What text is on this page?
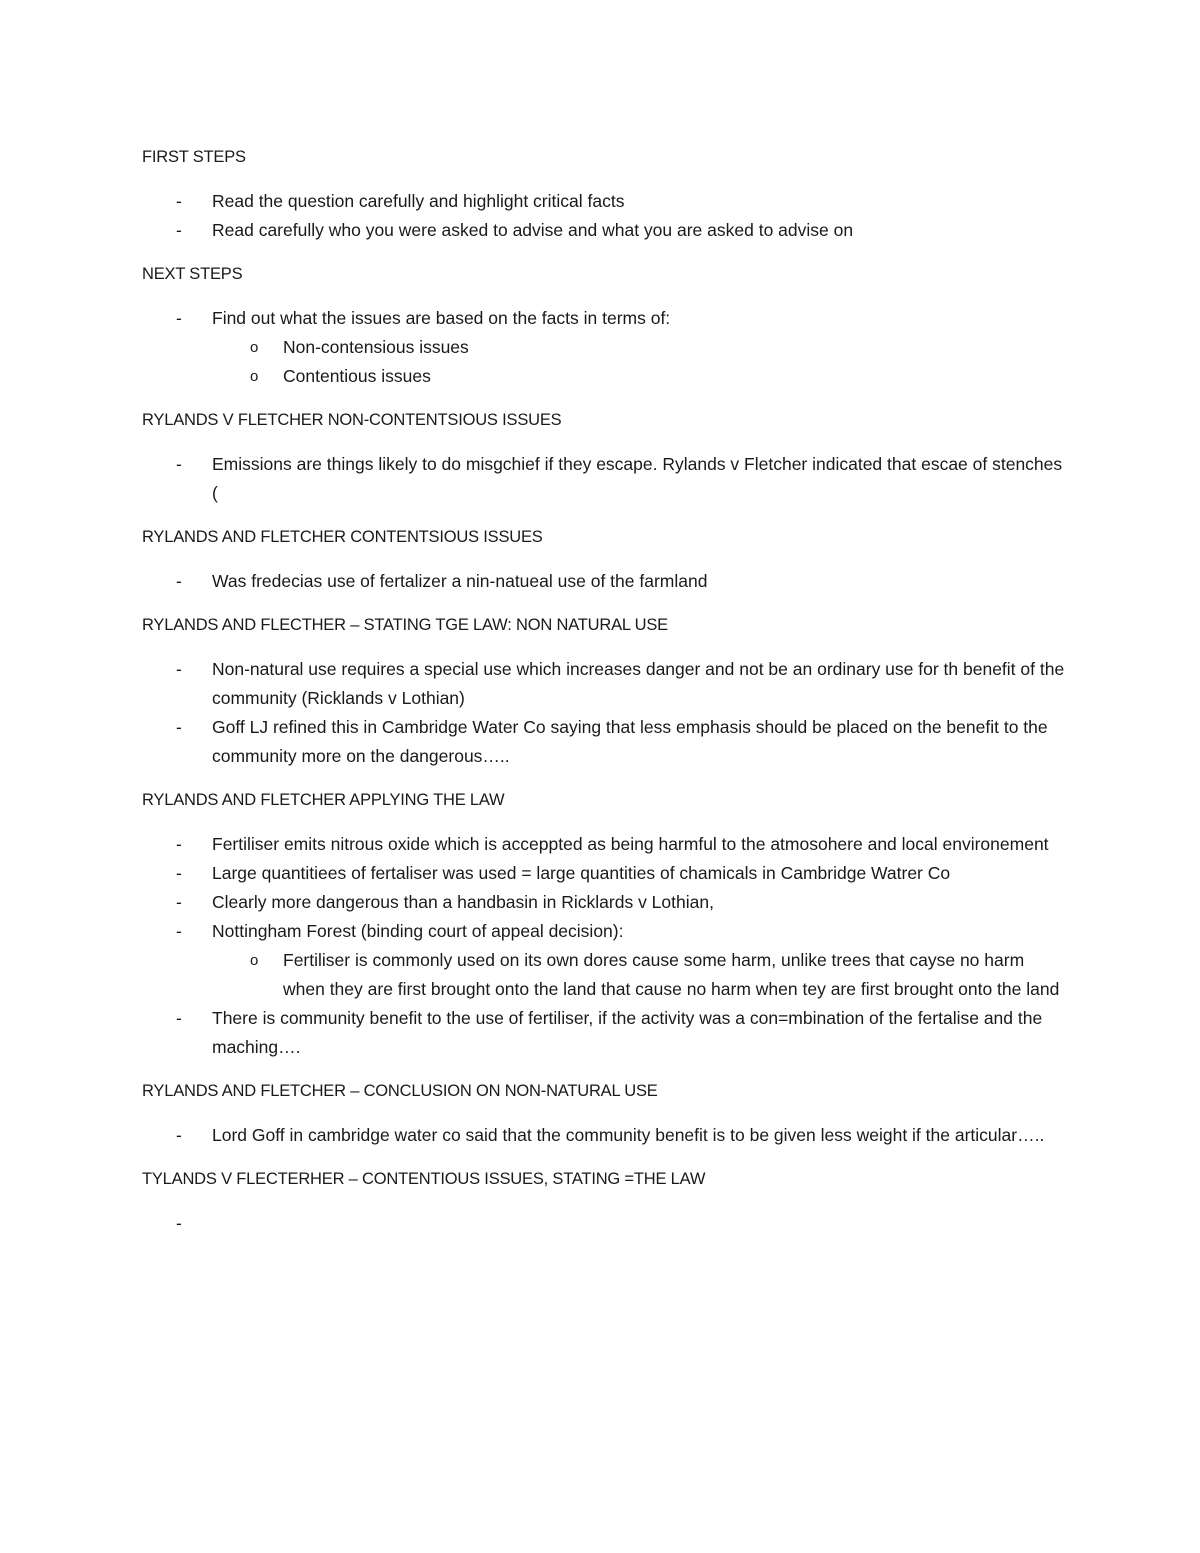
FIRST STEPS
- Read the question carefully and highlight critical facts
- Read carefully who you were asked to advise and what you are asked to advise on
NEXT STEPS
- Find out what the issues are based on the facts in terms of:
o Non-contensious issues
o Contentious issues
RYLANDS V FLETCHER NON-CONTENTSIOUS ISSUES
- Emissions are things likely to do misgchief if they escape. Rylands v Fletcher indicated that escae of stenches (
RYLANDS AND FLETCHER CONTENTSIOUS ISSUES
- Was fredecias use of fertalizer a nin-natueal use of the farmland
RYLANDS AND FLECTHER – STATING TGE LAW: NON NATURAL USE
- Non-natural use requires a special use which increases danger and not be an ordinary use for th benefit of the community (Ricklands v Lothian)
- Goff LJ refined this in Cambridge Water Co saying that less emphasis should be placed on the benefit to the community more on the dangerous…..
RYLANDS AND FLETCHER APPLYING THE LAW
- Fertiliser emits nitrous oxide which is acceppted as being harmful to the atmosohere and local environement
- Large quantitiees of fertaliser was used = large quantities of chamicals in Cambridge Watrer Co
- Clearly more dangerous than a handbasin in Ricklards v Lothian,
- Nottingham Forest (binding court of appeal decision):
o Fertiliser is commonly used on its own dores cause some harm, unlike trees that cayse no harm when they are first brought onto the land that cause no harm when tey are first brought onto the land
- There is community benefit to the use of fertiliser, if the activity was a con=mbination of the fertalise and the maching….
RYLANDS AND FLETCHER – CONCLUSION ON NON-NATURAL USE
- Lord Goff in cambridge water co said that the community benefit is to be given less weight if the articular…..
TYLANDS V FLECTERHER – CONTENTIOUS ISSUES, STATING =THE LAW
-
